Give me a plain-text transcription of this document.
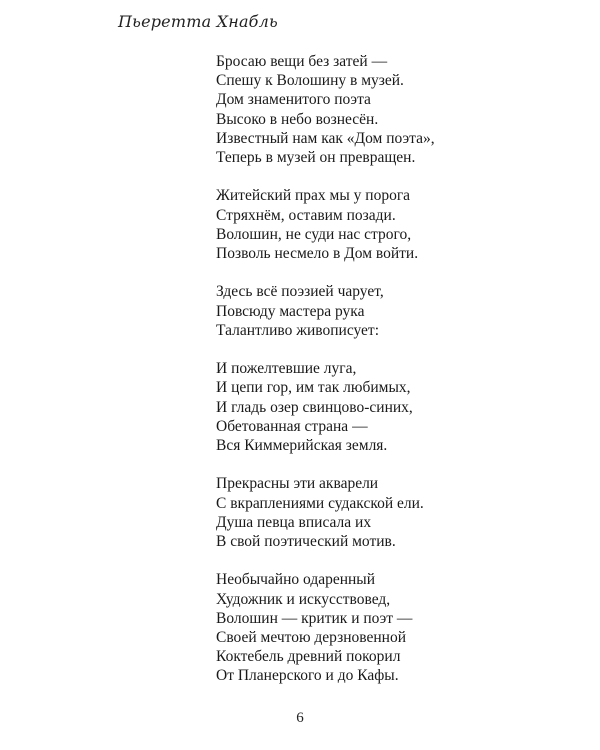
Пьеретта Хнабль
Бросаю вещи без затей —
Спешу к Волошину в музей.
Дом знаменитого поэта
Высоко в небо вознесён.
Известный нам как «Дом поэта»,
Теперь в музей он превращен.
Житейский прах мы у порога
Стряхнём, оставим позади.
Волошин, не суди нас строго,
Позволь несмело в Дом войти.
Здесь всё поэзией чарует,
Повсюду мастера рука
Талантливо живописует:
И пожелтевшие луга,
И цепи гор, им так любимых,
И гладь озер свинцово-синих,
Обетованная страна —
Вся Киммерийская земля.
Прекрасны эти акварели
С вкраплениями судакской ели.
Душа певца вписала их
В свой поэтический мотив.
Необычайно одаренный
Художник и искусствовед,
Волошин — критик и поэт —
Своей мечтою дерзновенной
Коктебель древний покорил
От Планерского и до Кафы.
6
